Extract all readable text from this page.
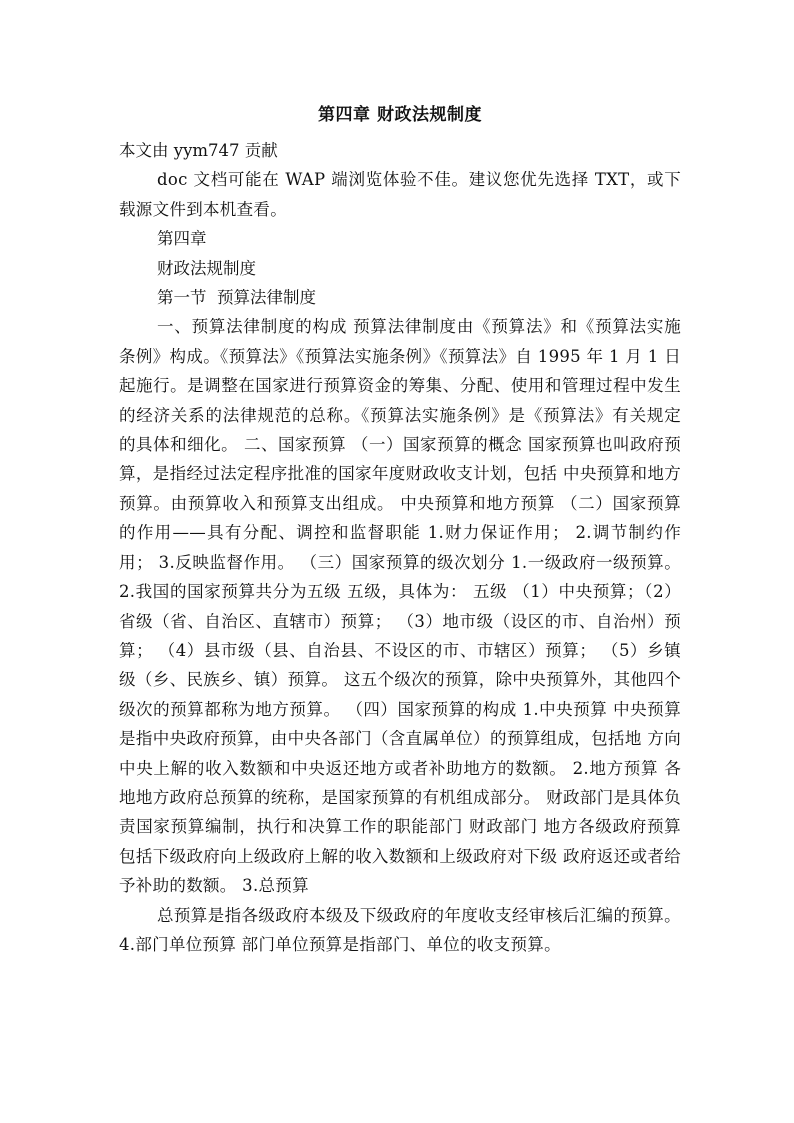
第四章 财政法规制度

本文由 yym747 贡献

doc 文档可能在 WAP 端浏览体验不佳。建议您优先选择 TXT，或下载源文件到本机查看。

第四章

财政法规制度

第一节  预算法律制度

一、预算法律制度的构成 预算法律制度由《预算法》和《预算法实施条例》构成。《预算法》《预算法实施条例》《预算法》自 1995 年 1 月 1 日起施行。是调整在国家进行预算资金的筹集、分配、使用和管理过程中发生的经济关系的法律规范的总称。《预算法实施条例》是《预算法》有关规定的具体和细化。 二、国家预算 （一）国家预算的概念 国家预算也叫政府预算，是指经过法定程序批准的国家年度财政收支计划，包括 中央预算和地方预算。由预算收入和预算支出组成。 中央预算和地方预算 （二）国家预算的作用——具有分配、调控和监督职能 1.财力保证作用； 2.调节制约作用； 3.反映监督作用。 （三）国家预算的级次划分 1.一级政府一级预算。 2.我国的国家预算共分为五级 五级，具体为： 五级 （1）中央预算；（2）省级（省、自治区、直辖市）预算； （3）地市级（设区的市、自治州）预算； （4）县市级（县、自治县、不设区的市、市辖区）预算； （5）乡镇级（乡、民族乡、镇）预算。 这五个级次的预算，除中央预算外，其他四个级次的预算都称为地方预算。 （四）国家预算的构成 1.中央预算 中央预算是指中央政府预算，由中央各部门（含直属单位）的预算组成，包括地 方向中央上解的收入数额和中央返还地方或者补助地方的数额。 2.地方预算 各地地方政府总预算的统称，是国家预算的有机组成部分。 财政部门是具体负责国家预算编制，执行和决算工作的职能部门 财政部门 地方各级政府预算包括下级政府向上级政府上解的收入数额和上级政府对下级 政府返还或者给予补助的数额。 3.总预算

总预算是指各级政府本级及下级政府的年度收支经审核后汇编的预算。 4.部门单位预算 部门单位预算是指部门、单位的收支预算。
